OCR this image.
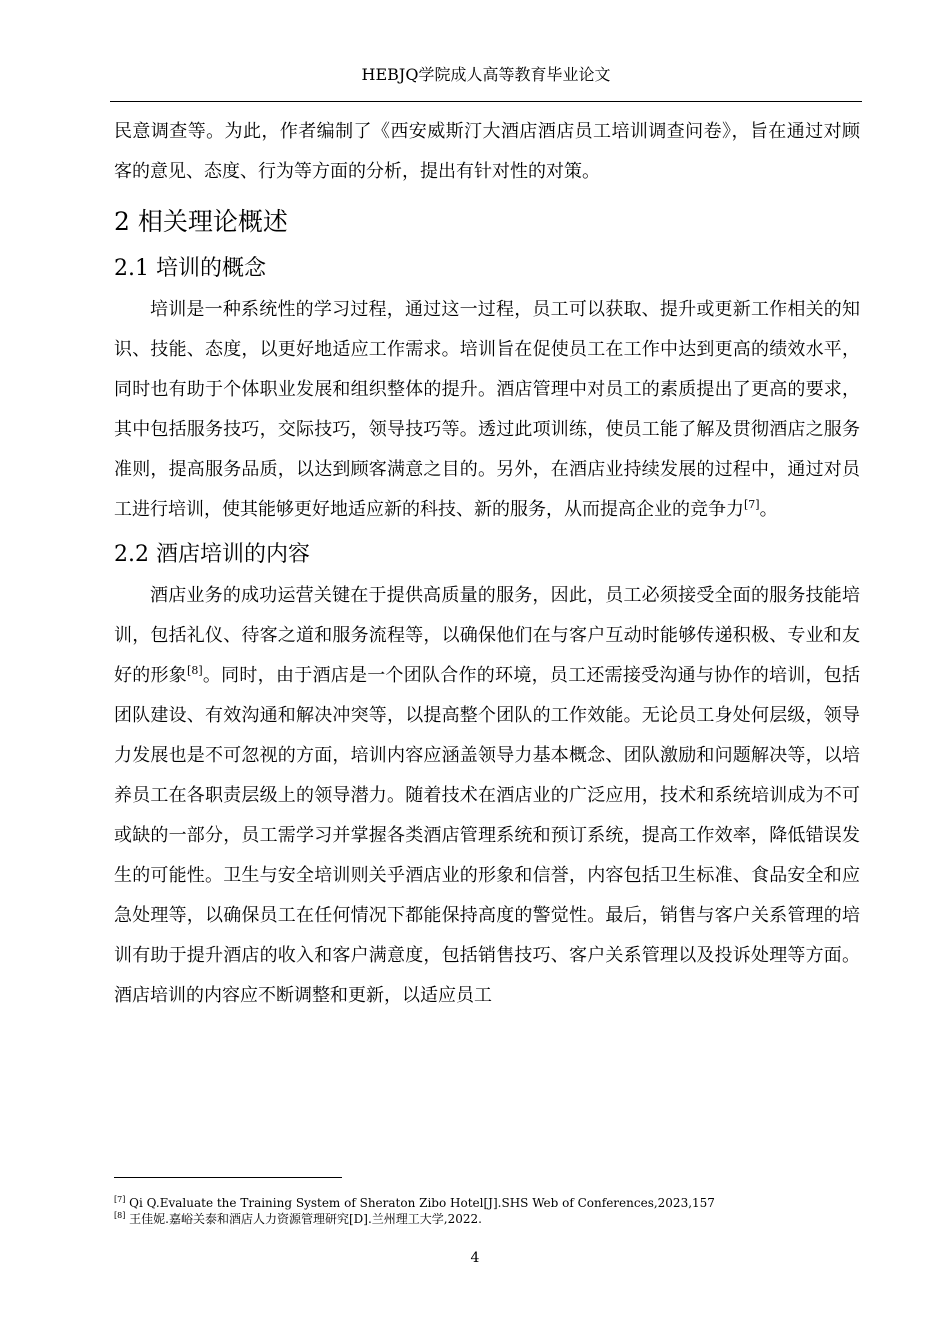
HEBJQ学院成人高等教育毕业论文

民意调查等。为此，作者编制了《西安威斯汀大酒店酒店员工培训调查问卷》，旨在通过对顾客的意见、态度、行为等方面的分析，提出有针对性的对策。

2 相关理论概述
2.1 培训的概念

培训是一种系统性的学习过程，通过这一过程，员工可以获取、提升或更新工作相关的知识、技能、态度，以更好地适应工作需求。培训旨在促使员工在工作中达到更高的绩效水平，同时也有助于个体职业发展和组织整体的提升。酒店管理中对员工的素质提出了更高的要求，其中包括服务技巧，交际技巧，领导技巧等。透过此项训练，使员工能了解及贯彻酒店之服务准则，提高服务品质，以达到顾客满意之目的。另外，在酒店业持续发展的过程中，通过对员工进行培训，使其能够更好地适应新的科技、新的服务，从而提高企业的竞争力[7]。

2.2 酒店培训的内容

酒店业务的成功运营关键在于提供高质量的服务，因此，员工必须接受全面的服务技能培训，包括礼仪、待客之道和服务流程等，以确保他们在与客户互动时能够传递积极、专业和友好的形象[8]。同时，由于酒店是一个团队合作的环境，员工还需接受沟通与协作的培训，包括团队建设、有效沟通和解决冲突等，以提高整个团队的工作效能。无论员工身处何层级，领导力发展也是不可忽视的方面，培训内容应涵盖领导力基本概念、团队激励和问题解决等，以培养员工在各职责层级上的领导潜力。随着技术在酒店业的广泛应用，技术和系统培训成为不可或缺的一部分，员工需学习并掌握各类酒店管理系统和预订系统，提高工作效率，降低错误发生的可能性。卫生与安全培训则关乎酒店业的形象和信誉，内容包括卫生标准、食品安全和应急处理等，以确保员工在任何情况下都能保持高度的警觉性。最后，销售与客户关系管理的培训有助于提升酒店的收入和客户满意度，包括销售技巧、客户关系管理以及投诉处理等方面。酒店培训的内容应不断调整和更新，以适应员工

[7] Qi Q.Evaluate the Training System of Sheraton Zibo Hotel[J].SHS Web of Conferences,2023,157

[8] 王佳妮.嘉峪关泰和酒店人力资源管理研究[D].兰州理工大学,2022.

4
